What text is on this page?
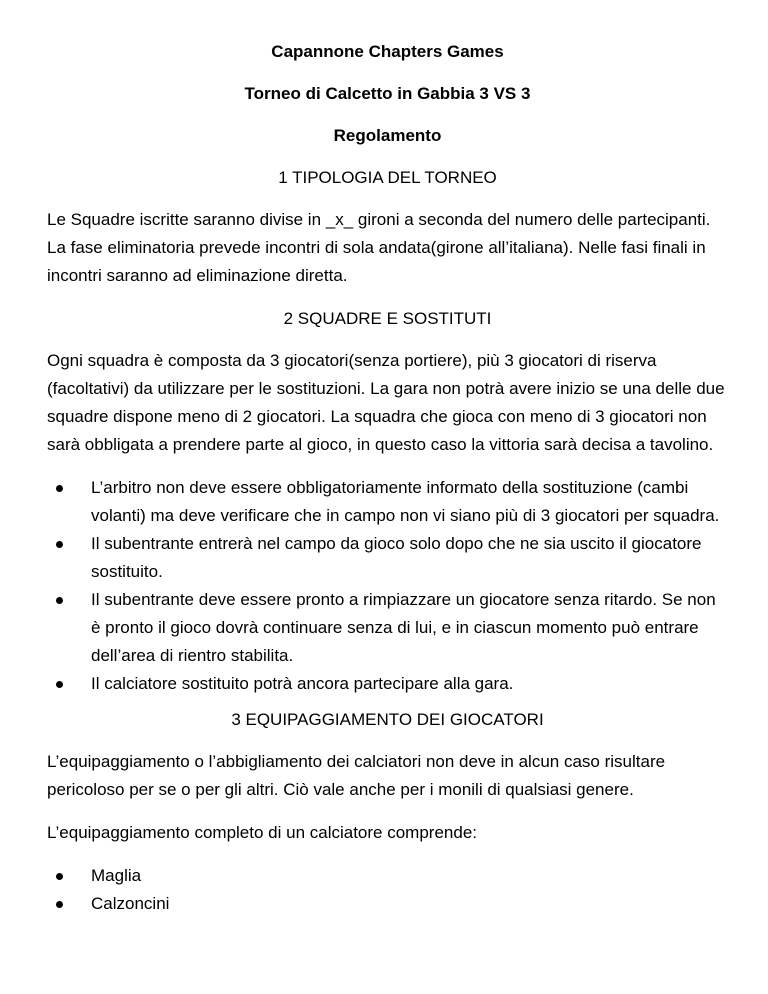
Capannone Chapters Games
Torneo di Calcetto in Gabbia 3 VS 3
Regolamento
1 TIPOLOGIA DEL TORNEO

Le Squadre iscritte saranno divise in _x_ gironi a seconda del numero delle partecipanti. La fase eliminatoria prevede incontri di sola andata(girone all’italiana). Nelle fasi finali in incontri saranno ad eliminazione diretta.

2 SQUADRE E SOSTITUTI

Ogni squadra è composta da 3 giocatori(senza portiere), più 3 giocatori di riserva (facoltativi) da utilizzare per le sostituzioni. La gara non potrà avere inizio se una delle due squadre dispone meno di 2 giocatori. La squadra che gioca con meno di 3 giocatori non sarà obbligata a prendere parte al gioco, in questo caso la vittoria sarà decisa a tavolino.

L’arbitro non deve essere obbligatoriamente informato della sostituzione (cambi volanti) ma deve verificare che in campo non vi siano più di 3 giocatori per squadra.
Il subentrante entrerà nel campo da gioco solo dopo che ne sia uscito il giocatore sostituito.
Il subentrante deve essere pronto a rimpiazzare un giocatore senza ritardo. Se non è pronto il gioco dovrà continuare senza di lui, e in ciascun momento può entrare dell’area di rientro stabilita.
Il calciatore sostituito potrà ancora partecipare alla gara.
3 EQUIPAGGIAMENTO DEI GIOCATORI

L’equipaggiamento o l’abbigliamento dei calciatori non deve in alcun caso risultare pericoloso per se o per gli altri. Ciò vale anche per i monili di qualsiasi genere.

L’equipaggiamento completo di un calciatore comprende:

Maglia
Calzoncini
